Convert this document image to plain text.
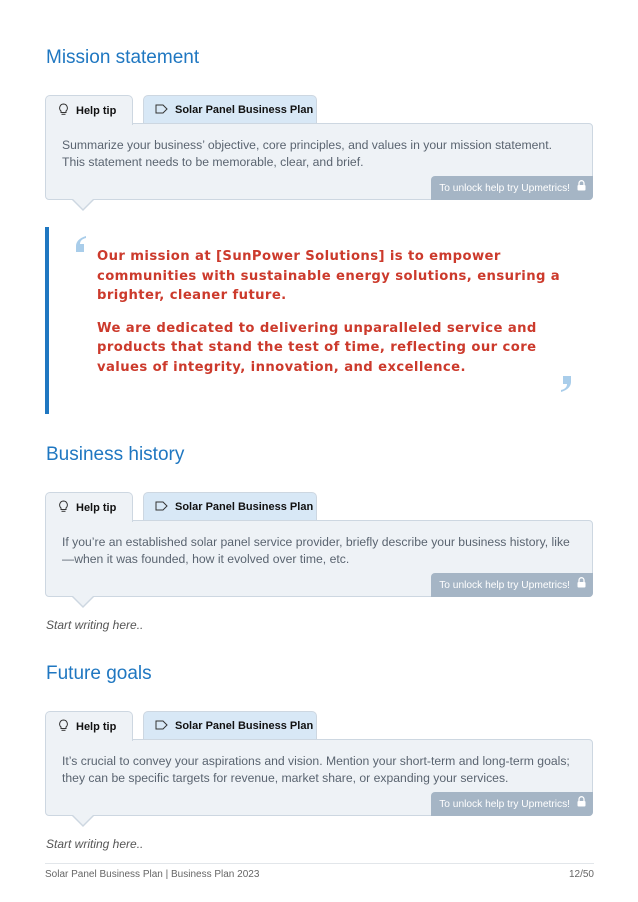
Mission statement
Help tip	Solar Panel Business Plan

Summarize your business’ objective, core principles, and values in your mission statement. This statement needs to be memorable, clear, and brief.

To unlock help try Upmetrics!

Our mission at [SunPower Solutions] is to empower communities with sustainable energy solutions, ensuring a brighter, cleaner future.

We are dedicated to delivering unparalleled service and products that stand the test of time, reflecting our core values of integrity, innovation, and excellence.

Business history
Help tip	Solar Panel Business Plan

If you’re an established solar panel service provider, briefly describe your business history, like—when it was founded, how it evolved over time, etc.

To unlock help try Upmetrics!
Start writing here..
Future goals
Help tip	Solar Panel Business Plan

It’s crucial to convey your aspirations and vision. Mention your short-term and long-term goals; they can be specific targets for revenue, market share, or expanding your services.

To unlock help try Upmetrics!
Start writing here..
Solar Panel Business Plan | Business Plan 2023	12/50
